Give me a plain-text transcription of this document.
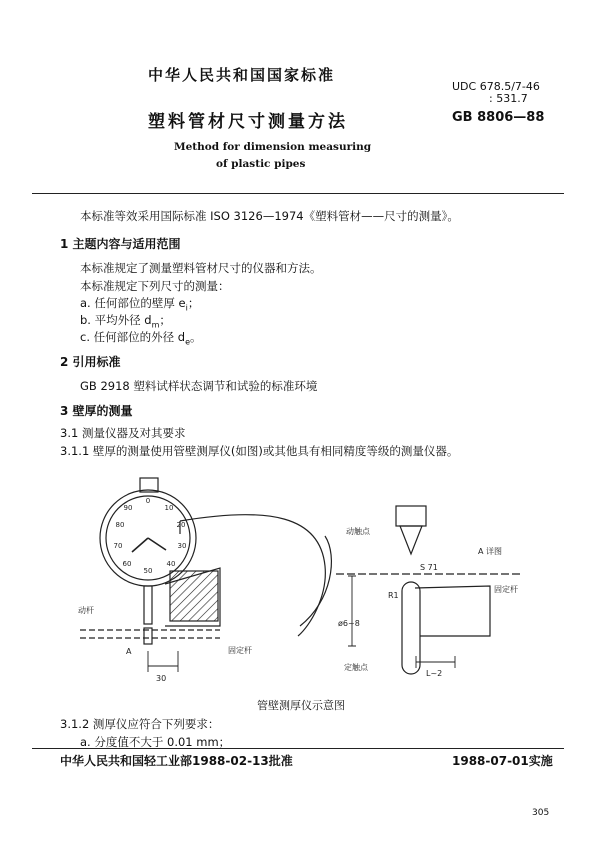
中华人民共和国国家标准
UDC 678.5/7-46
: 531.7
塑料管材尺寸测量方法	GB 8806—88
Method for dimension measuring
of plastic pipes
本标准等效采用国际标准 ISO 3126—1974《塑料管材——尺寸的测量》。
1 主题内容与适用范围
本标准规定了测量塑料管材尺寸的仪器和方法。
本标准规定下列尺寸的测量：
a. 任何部位的壁厚 $e_i$；
b. 平均外径 $d_m$；
c. 任何部位的外径 $d_e$。
2 引用标准
GB 2918 塑料试样状态调节和试验的标准环境
3 壁厚的测量
3.1 测量仪器及对其要求
3.1.1 壁厚的测量使用管壁测厚仪(如图)或其他具有相同精度等级的测量仪器。
0
10
20
30
40
50
60
70
80
90
动杆
A	固定杆
30
动触点
A 详图
S 71
R1
固定杆
ø6~8
定触点
L~2
管壁测厚仪示意图
3.1.2 测厚仪应符合下列要求：
a. 分度值不大于 0.01 mm；
中华人民共和国轻工业部1988-02-13批准	1988-07-01实施
305
